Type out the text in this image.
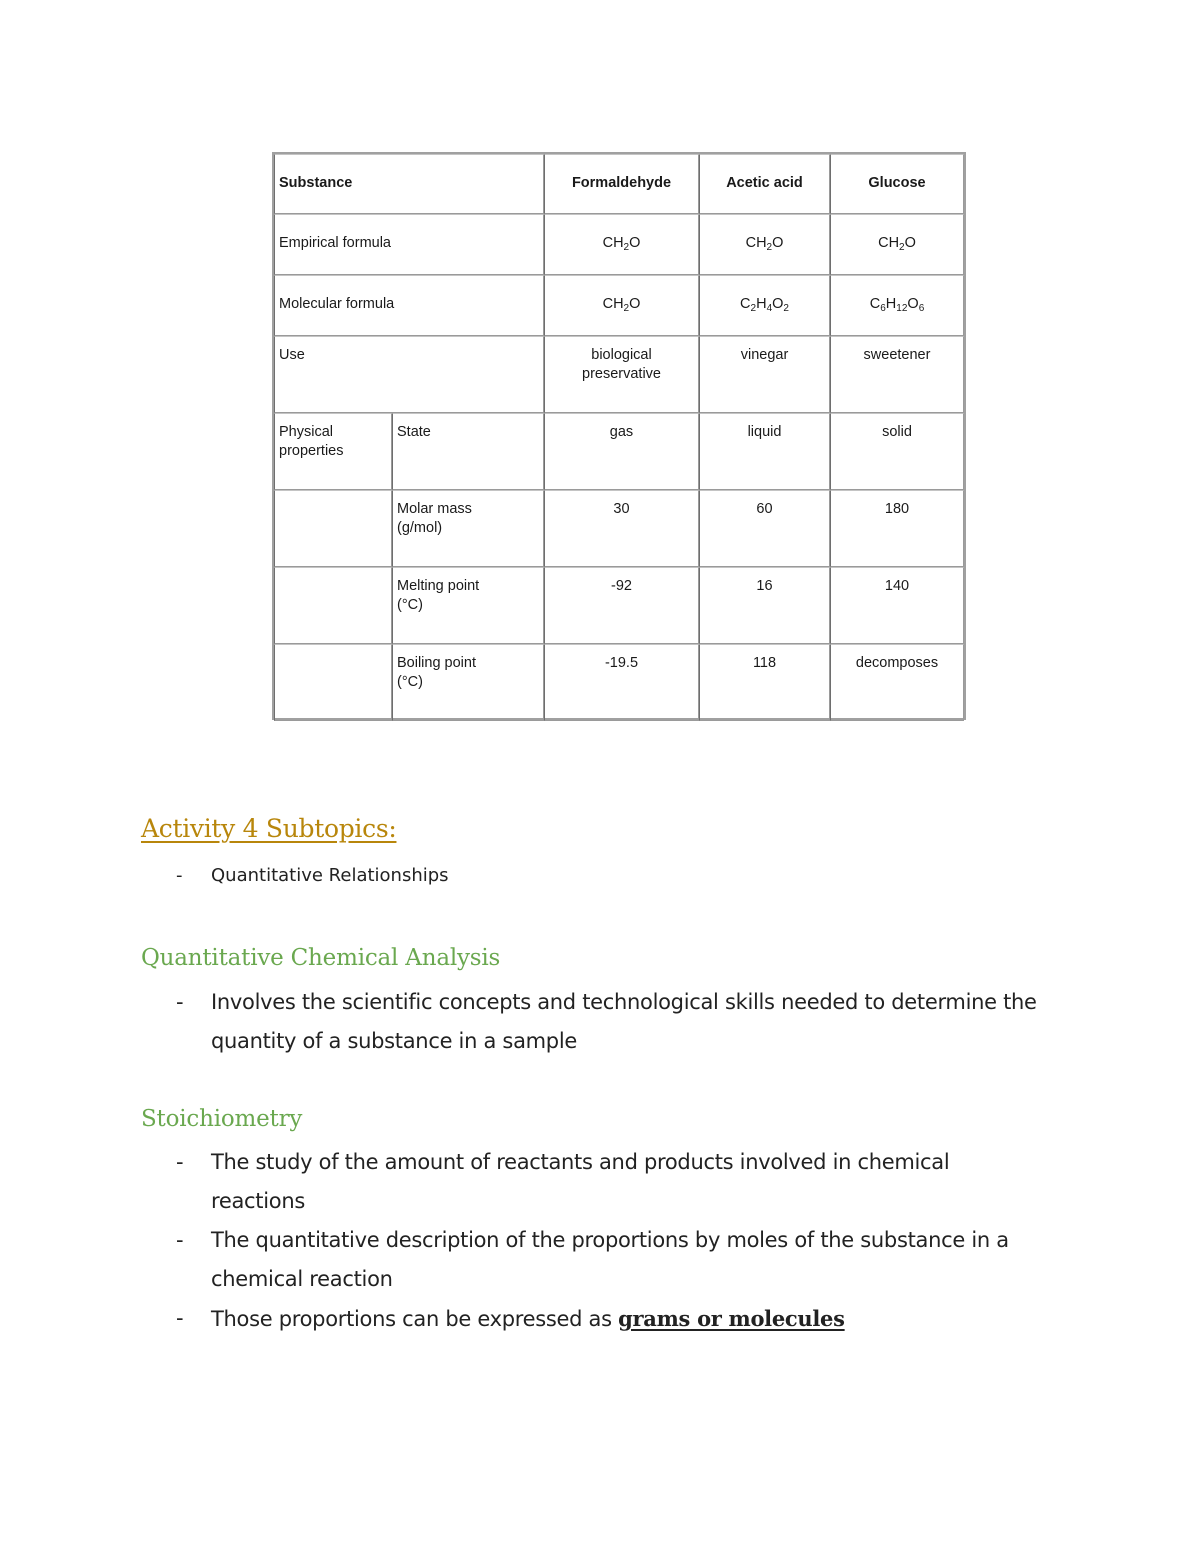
Substance		Formaldehyde	Acetic acid	Glucose
Empirical formula		$CH_2O$	$CH_2O$	$CH_2O$
Molecular formula		$CH_2O$	$C_2H_4O_2$	$C_6H_{12}O_6$
Use		biological preservative	vinegar	sweetener
Physical properties	State	gas	liquid	solid
	Molar mass (g/mol)	30	60	180
	Melting point (°C)	-92	16	140
	Boiling point (°C)	-19.5	118	decomposes
Activity 4 Subtopics:
- Quantitative Relationships
Quantitative Chemical Analysis
- Involves the scientific concepts and technological skills needed to determine the quantity of a substance in a sample
Stoichiometry
- The study of the amount of reactants and products involved in chemical reactions
- The quantitative description of the proportions by moles of the substance in a chemical reaction
- Those proportions can be expressed as grams or molecules
